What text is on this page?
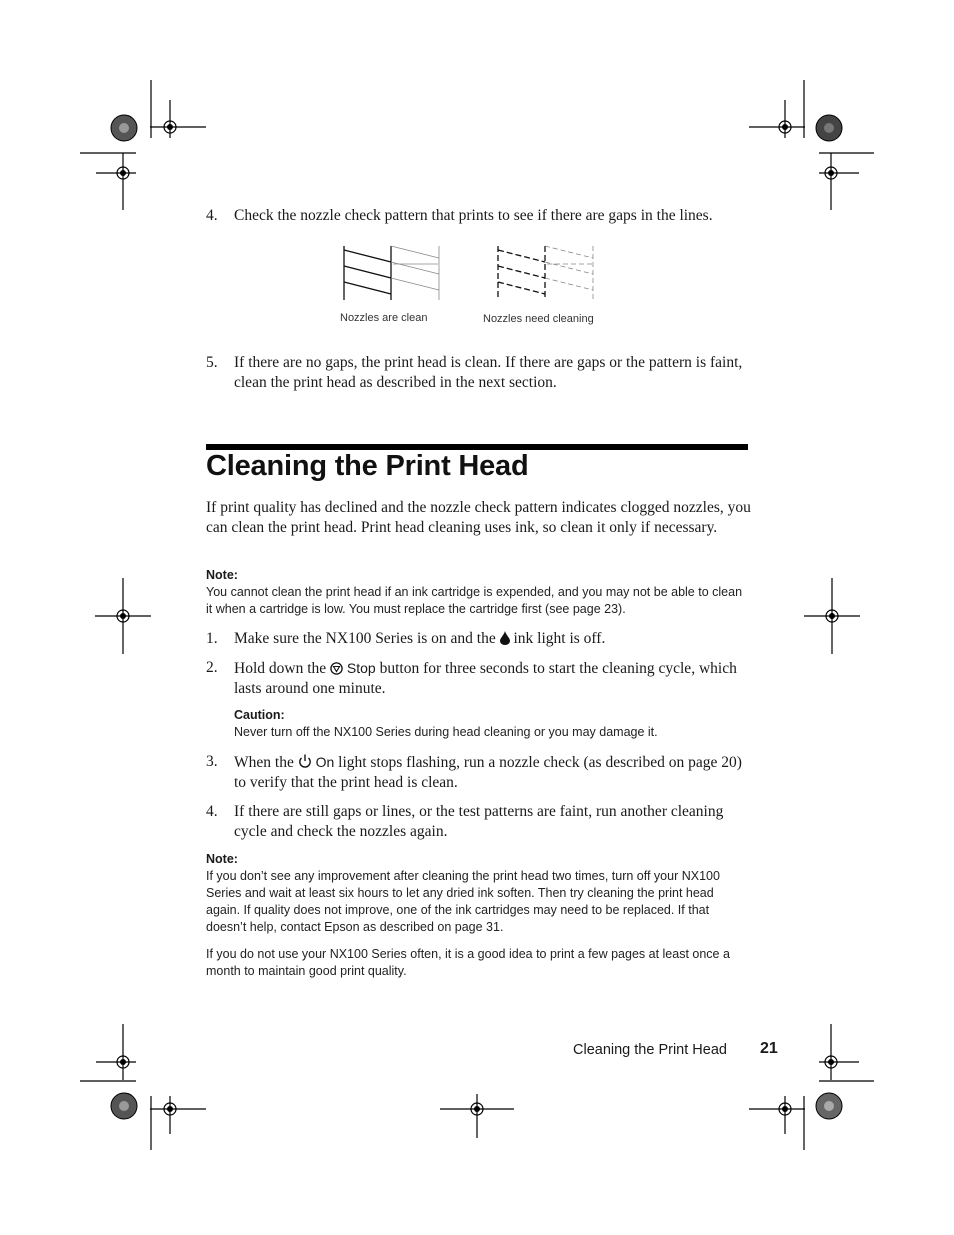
4. Check the nozzle check pattern that prints to see if there are gaps in the lines.
Nozzles are clean	Nozzles need cleaning
5. If there are no gaps, the print head is clean. If there are gaps or the pattern is faint, clean the print head as described in the next section.
Cleaning the Print Head
If print quality has declined and the nozzle check pattern indicates clogged nozzles, you can clean the print head. Print head cleaning uses ink, so clean it only if necessary.
Note:
You cannot clean the print head if an ink cartridge is expended, and you may not be able to clean it when a cartridge is low. You must replace the cartridge first (see page 23).
1. Make sure the NX100 Series is on and the ink light is off.
2. Hold down the Stop button for three seconds to start the cleaning cycle, which lasts around one minute.
Caution:
Never turn off the NX100 Series during head cleaning or you may damage it.
3. When the On light stops flashing, run a nozzle check (as described on page 20) to verify that the print head is clean.
4. If there are still gaps or lines, or the test patterns are faint, run another cleaning cycle and check the nozzles again.
Note:
If you don’t see any improvement after cleaning the print head two times, turn off your NX100 Series and wait at least six hours to let any dried ink soften. Then try cleaning the print head again. If quality does not improve, one of the ink cartridges may need to be replaced. If that doesn’t help, contact Epson as described on page 31.
If you do not use your NX100 Series often, it is a good idea to print a few pages at least once a month to maintain good print quality.
Cleaning the Print Head 21
